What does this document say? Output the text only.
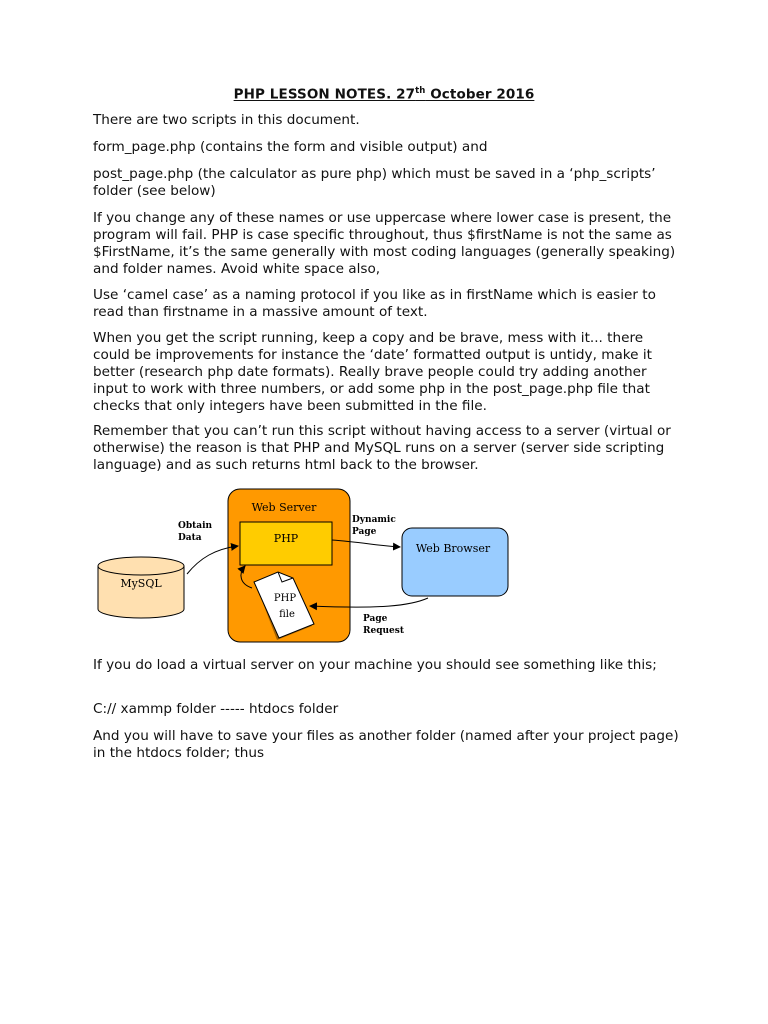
PHP LESSON NOTES. 27th October 2016

There are two scripts in this document.

form_page.php (contains the form and visible output) and

post_page.php (the calculator as pure php) which must be saved in a ‘php_scripts’ folder (see below)

If you change any of these names or use uppercase where lower case is present, the program will fail. PHP is case specific throughout, thus $firstName is not the same as $FirstName, it’s the same generally with most coding languages (generally speaking) and folder names. Avoid white space also,

Use ‘camel case’ as a naming protocol if you like as in firstName which is easier to read than firstname in a massive amount of text.

When you get the script running, keep a copy and be brave, mess with it... there could be improvements for instance the ‘date’ formatted output is untidy, make it better (research php date formats). Really brave people could try adding another input to work with three numbers, or add some php in the post_page.php file that checks that only integers have been submitted in the file.

Remember that you can’t run this script without having access to a server (virtual or otherwise) the reason is that PHP and MySQL runs on a server (server side scripting language) and as such returns html back to the browser.

Web Server
PHP
MySQL
Web Browser
PHP
file
Obtain
Data
Dynamic
Page
Page
Request

If you do load a virtual server on your machine you should see something like this;

C:// xammp folder ----- htdocs folder

And you will have to save your files as another folder (named after your project page) in the htdocs folder; thus
